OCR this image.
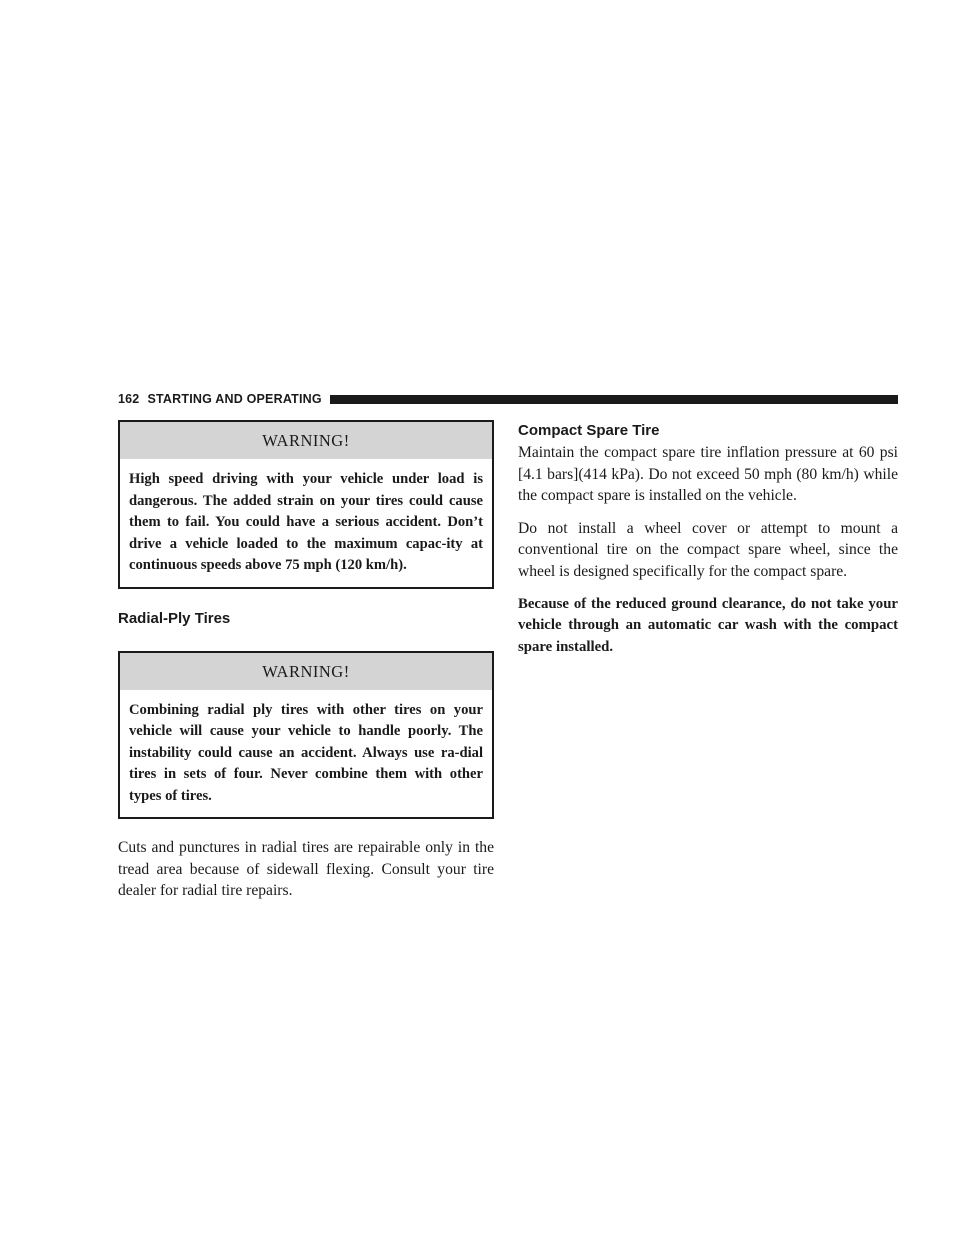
162 STARTING AND OPERATING
WARNING!
High speed driving with your vehicle under load is dangerous. The added strain on your tires could cause them to fail. You could have a serious accident. Don’t drive a vehicle loaded to the maximum capac-ity at continuous speeds above 75 mph (120 km/h).
Radial-Ply Tires
WARNING!
Combining radial ply tires with other tires on your vehicle will cause your vehicle to handle poorly. The instability could cause an accident. Always use ra-dial tires in sets of four. Never combine them with other types of tires.

Cuts and punctures in radial tires are repairable only in the tread area because of sidewall flexing. Consult your tire dealer for radial tire repairs.

Compact Spare Tire

Maintain the compact spare tire inflation pressure at 60 psi [4.1 bars](414 kPa). Do not exceed 50 mph (80 km/h) while the compact spare is installed on the vehicle.

Do not install a wheel cover or attempt to mount a conventional tire on the compact spare wheel, since the wheel is designed specifically for the compact spare.

Because of the reduced ground clearance, do not take your vehicle through an automatic car wash with the compact spare installed.
